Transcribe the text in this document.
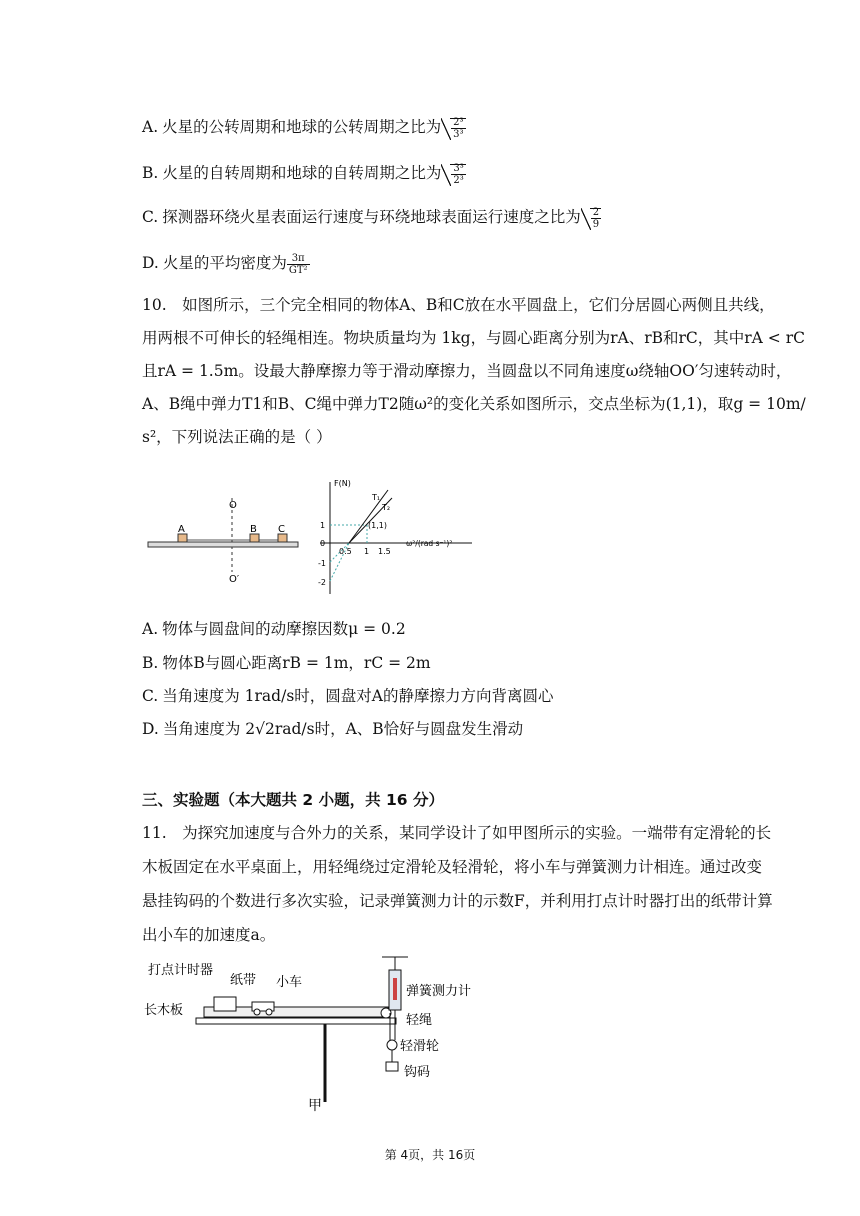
A. 火星的公转周期和地球的公转周期之比为 $\frac{\text{2³}}{\text{3³}}$
B. 火星的自转周期和地球的自转周期之比为 $\frac{\text{3³}}{\text{2³}}$
C. 探测器环绕火星表面运行速度与环绕地球表面运行速度之比为 $\frac{2}{9}$
D. 火星的平均密度为 $\frac{3\pi}{\text{GT²}}$
10.　如图所示，三个完全相同的物体A、B和C放在水平圆盘上，它们分居圆心两侧且共线，
用两根不可伸长的轻绳相连。物块质量均为 1kg，与圆心距离分别为rA、rB和rC，其中rA < rC
且rA = 1.5m。设最大静摩擦力等于滑动摩擦力，当圆盘以不同角速度ω绕轴OO′匀速转动时，
A、B绳中弹力T1和B、C绳中弹力T2随ω²的变化关系如图所示，交点坐标为(1,1)，取g = 10m/
s²，下列说法正确的是（ ）
O
O′
A	B C
F(N)
T₁
T₂
(1,1)
1
0
-1
-2
0.5 1 1.5
ω²/(rad·s⁻¹)²
A. 物体与圆盘间的动摩擦因数μ = 0.2
B. 物体B与圆心距离rB = 1m，rC = 2m
C. 当角速度为 1rad/s时，圆盘对A的静摩擦力方向背离圆心
D. 当角速度为 2√2rad/s时，A、B恰好与圆盘发生滑动
三、实验题（本大题共 2 小题，共 16 分）
11.　为探究加速度与合外力的关系，某同学设计了如甲图所示的实验。一端带有定滑轮的长
木板固定在水平桌面上，用轻绳绕过定滑轮及轻滑轮，将小车与弹簧测力计相连。通过改变
悬挂钩码的个数进行多次实验，记录弹簧测力计的示数F，并利用打点计时器打出的纸带计算
出小车的加速度a。
打点计时器
纸带 小车
长木板
弹簧测力计
轻绳
轻滑轮
钩码
甲
第 4页，共 16页
